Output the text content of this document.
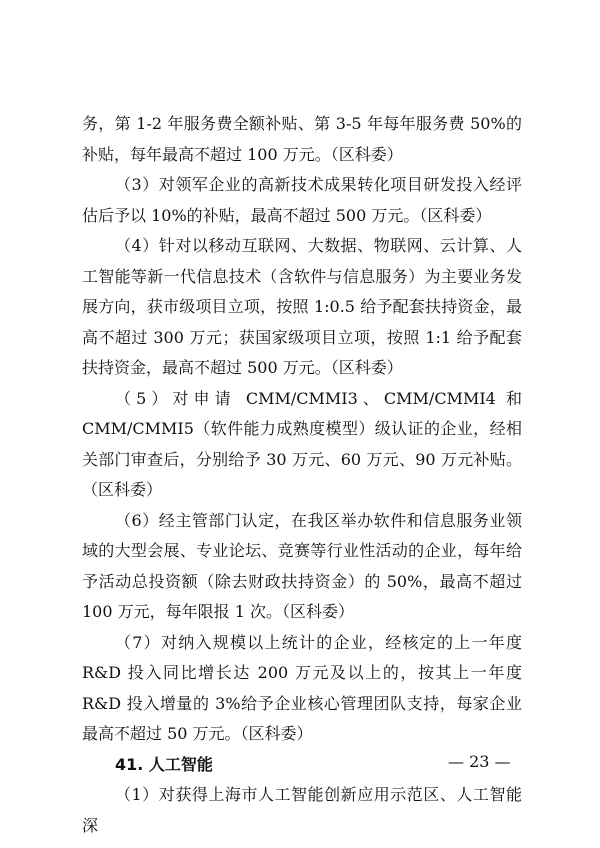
务，第 1-2 年服务费全额补贴、第 3-5 年每年服务费 50%的补贴，每年最高不超过 100 万元。（区科委）

（3）对领军企业的高新技术成果转化项目研发投入经评估后予以 10%的补贴，最高不超过 500 万元。（区科委）

（4）针对以移动互联网、大数据、物联网、云计算、人工智能等新一代信息技术（含软件与信息服务）为主要业务发展方向，获市级项目立项，按照 1:0.5 给予配套扶持资金，最高不超过 300 万元；获国家级项目立项，按照 1:1 给予配套扶持资金，最高不超过 500 万元。（区科委）

（5）对申请 CMM/CMMI3、CMM/CMMI4 和 CMM/CMMI5（软件能力成熟度模型）级认证的企业，经相关部门审查后，分别给予 30 万元、60 万元、90 万元补贴。（区科委）

（6）经主管部门认定，在我区举办软件和信息服务业领域的大型会展、专业论坛、竞赛等行业性活动的企业，每年给予活动总投资额（除去财政扶持资金）的 50%，最高不超过 100 万元，每年限报 1 次。（区科委）

（7）对纳入规模以上统计的企业，经核定的上一年度 R&D 投入同比增长达 200 万元及以上的，按其上一年度 R&D 投入增量的 3%给予企业核心管理团队支持，每家企业最高不超过 50 万元。（区科委）

41. 人工智能

（1）对获得上海市人工智能创新应用示范区、人工智能深

— 23 —
